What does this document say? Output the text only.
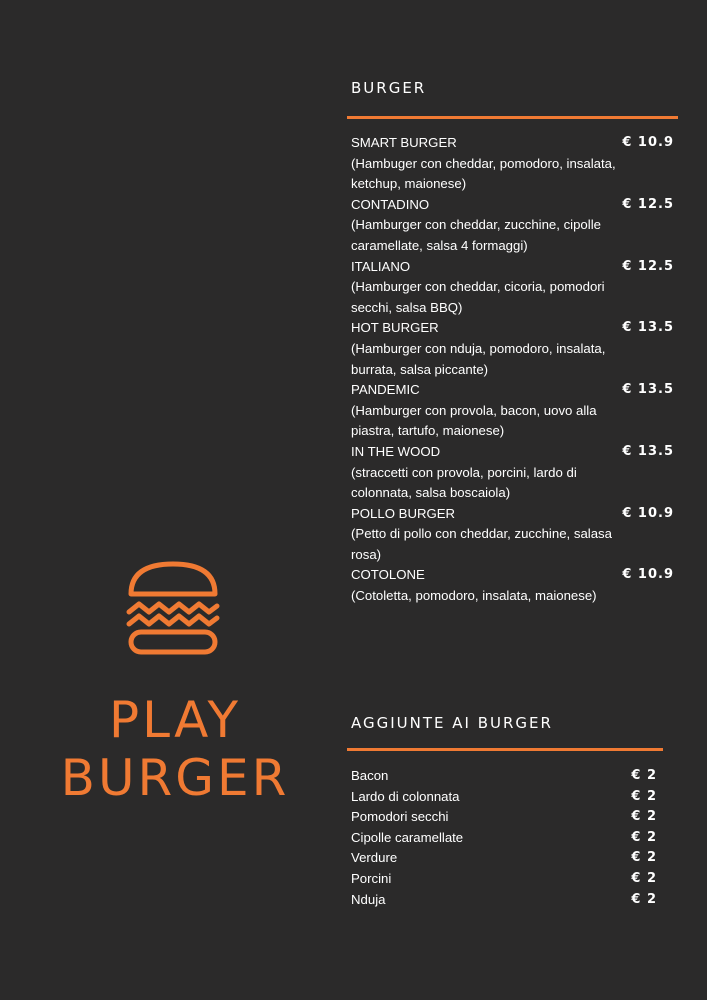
BURGER
SMART BURGER
(Hambuger con cheddar, pomodoro, insalata, ketchup, maionese)
€ 10.9
CONTADINO
(Hamburger con cheddar, zucchine, cipolle caramellate, salsa 4 formaggi)
€ 12.5
ITALIANO
(Hamburger con cheddar, cicoria, pomodori secchi, salsa BBQ)
€ 12.5
HOT BURGER
(Hamburger con nduja, pomodoro, insalata, burrata, salsa piccante)
€ 13.5
PANDEMIC
(Hamburger con provola, bacon, uovo alla piastra, tartufo, maionese)
€ 13.5
IN THE WOOD
(straccetti con provola, porcini, lardo di colonnata, salsa boscaiola)
€ 13.5
POLLO BURGER
(Petto di pollo con cheddar, zucchine, salasa rosa)
€ 10.9
COTOLONE
(Cotoletta, pomodoro, insalata, maionese)
€ 10.9
PLAY
BURGER
AGGIUNTE AI BURGER
Bacon	€ 2
Lardo di colonnata	€ 2
Pomodori secchi	€ 2
Cipolle caramellate	€ 2
Verdure	€ 2
Porcini	€ 2
Nduja	€ 2
